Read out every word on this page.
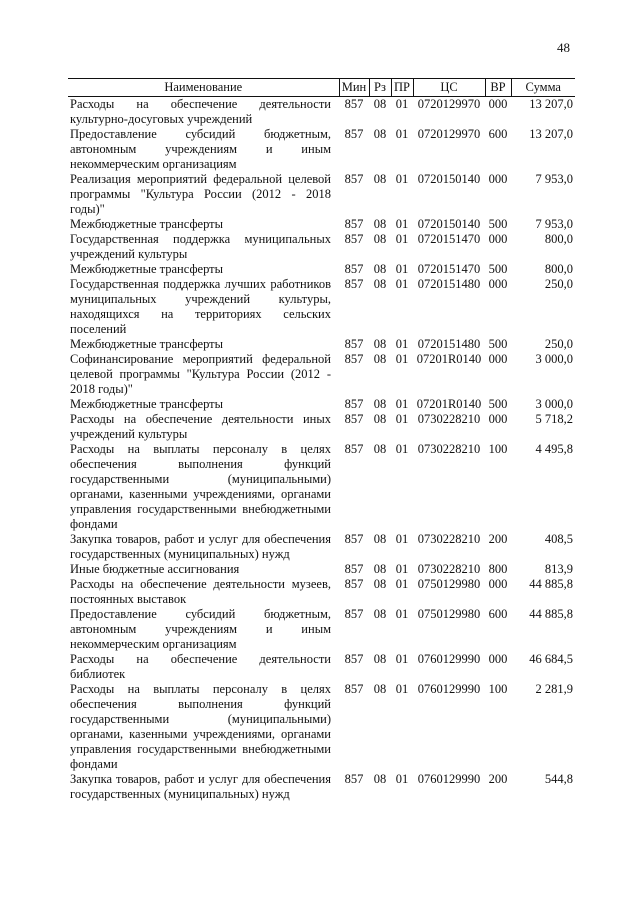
48
Наименование	Мин	Рз	ПР	ЦС	ВР	Сумма
Расходы на обеспечение деятельности культурно-досуговых учреждений	857	08	01	0720129970	000	13 207,0
Предоставление субсидий бюджетным, автономным учреждениям и иным некоммерческим организациям	857	08	01	0720129970	600	13 207,0
Реализация мероприятий федеральной целевой программы "Культура России (2012 - 2018 годы)"	857	08	01	0720150140	000	7 953,0
Межбюджетные трансферты	857	08	01	0720150140	500	7 953,0
Государственная поддержка муниципальных учреждений культуры	857	08	01	0720151470	000	800,0
Межбюджетные трансферты	857	08	01	0720151470	500	800,0
Государственная поддержка лучших работников муниципальных учреждений культуры, находящихся на территориях сельских поселений	857	08	01	0720151480	000	250,0
Межбюджетные трансферты	857	08	01	0720151480	500	250,0
Софинансирование мероприятий федеральной целевой программы "Культура России (2012 - 2018 годы)"	857	08	01	07201R0140	000	3 000,0
Межбюджетные трансферты	857	08	01	07201R0140	500	3 000,0
Расходы на обеспечение деятельности иных учреждений культуры	857	08	01	0730228210	000	5 718,2
Расходы на выплаты персоналу в целях обеспечения выполнения функций государственными (муниципальными) органами, казенными учреждениями, органами управления государственными внебюджетными фондами	857	08	01	0730228210	100	4 495,8
Закупка товаров, работ и услуг для обеспечения государственных (муниципальных) нужд	857	08	01	0730228210	200	408,5
Иные бюджетные ассигнования	857	08	01	0730228210	800	813,9
Расходы на обеспечение деятельности музеев, постоянных выставок	857	08	01	0750129980	000	44 885,8
Предоставление субсидий бюджетным, автономным учреждениям и иным некоммерческим организациям	857	08	01	0750129980	600	44 885,8
Расходы на обеспечение деятельности библиотек	857	08	01	0760129990	000	46 684,5
Расходы на выплаты персоналу в целях обеспечения выполнения функций государственными (муниципальными) органами, казенными учреждениями, органами управления государственными внебюджетными фондами	857	08	01	0760129990	100	2 281,9
Закупка товаров, работ и услуг для обеспечения государственных (муниципальных) нужд	857	08	01	0760129990	200	544,8
